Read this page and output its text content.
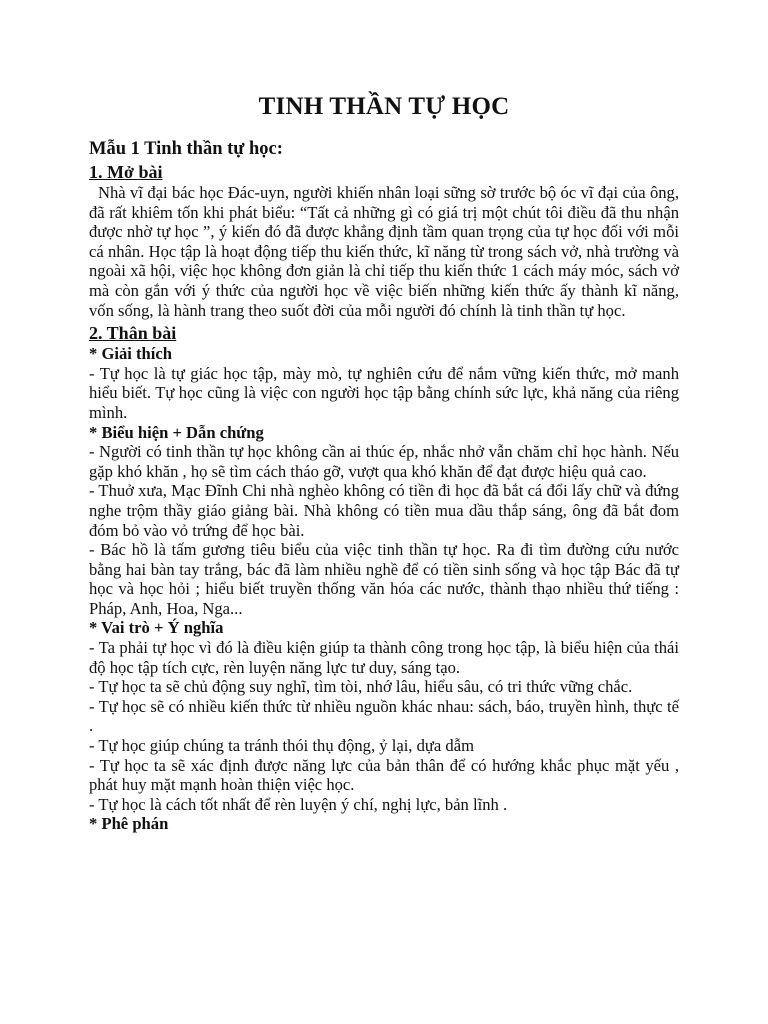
TINH THẦN TỰ HỌC

Mẫu 1 Tinh thần tự học:

1. Mở bài

Nhà vĩ đại bác học Đác-uyn, người khiến nhân loại sững sờ trước bộ óc vĩ đại của ông, đã rất khiêm tốn khi phát biểu: “Tất cả những gì có giá trị một chút tôi điều đã thu nhận được nhờ tự học ”, ý kiến đó đã được khẳng định tầm quan trọng của tự học đối với mỗi cá nhân. Học tập là hoạt động tiếp thu kiến thức, kĩ năng từ trong sách vở, nhà trường và ngoài xã hội, việc học không đơn giản là chỉ tiếp thu kiến thức 1 cách máy móc, sách vở mà còn gắn với ý thức của người học về việc biến những kiến thức ấy thành kĩ năng, vốn sống, là hành trang theo suốt đời của mỗi người đó chính là tinh thần tự học.

2. Thân bài

* Giải thích

- Tự học là tự giác học tập, mày mò, tự nghiên cứu để nắm vững kiến thức, mở manh hiểu biết. Tự học cũng là việc con người học tập bằng chính sức lực, khả năng của riêng mình.

* Biểu hiện + Dẫn chứng

- Người có tinh thần tự học không cần ai thúc ép, nhắc nhở vẫn chăm chỉ học hành. Nếu gặp khó khăn , họ sẽ tìm cách tháo gỡ, vượt qua khó khăn để đạt được hiệu quả cao.

- Thuở xưa, Mạc Đĩnh Chi nhà nghèo không có tiền đi học đã bắt cá đổi lấy chữ và đứng nghe trộm thầy giáo giảng bài. Nhà không có tiền mua dầu thắp sáng, ông đã bắt đom đóm bỏ vào vỏ trứng để học bài.

- Bác hồ là tấm gương tiêu biểu của việc tinh thần tự học. Ra đi tìm đường cứu nước bằng hai bàn tay trắng, bác đã làm nhiều nghề để có tiền sinh sống và học tập Bác đã tự học và học hỏi ; hiểu biết truyền thống văn hóa các nước, thành thạo nhiều thứ tiếng : Pháp, Anh, Hoa, Nga...

* Vai trò + Ý nghĩa

- Ta phải tự học vì đó là điều kiện giúp ta thành công trong học tập, là biểu hiện của thái độ học tập tích cực, rèn luyện năng lực tư duy, sáng tạo.

- Tự học ta sẽ chủ động suy nghĩ, tìm tòi, nhớ lâu, hiểu sâu, có tri thức vững chắc.

- Tự học sẽ có nhiều kiến thức từ nhiều nguồn khác nhau: sách, báo, truyền hình, thực tế .

- Tự học giúp chúng ta tránh thói thụ động, ỷ lại, dựa dẫm

- Tự học ta sẽ xác định được năng lực của bản thân để có hướng khắc phục mặt yếu , phát huy mặt mạnh hoàn thiện việc học.

- Tự học là cách tốt nhất để rèn luyện ý chí, nghị lực, bản lĩnh .

* Phê phán
